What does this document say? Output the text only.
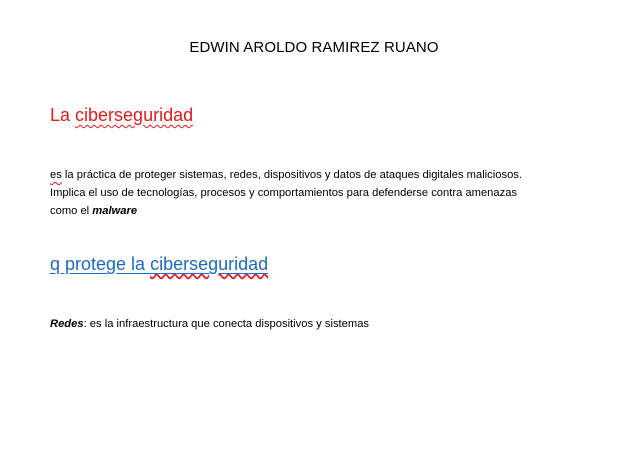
EDWIN AROLDO RAMIREZ RUANO
La ciberseguridad
es la práctica de proteger sistemas, redes, dispositivos y datos de ataques digitales maliciosos.
Implica el uso de tecnologías, procesos y comportamientos para defenderse contra amenazas
como el malware
q protege la ciberseguridad
Redes: es la infraestructura que conecta dispositivos y sistemas
